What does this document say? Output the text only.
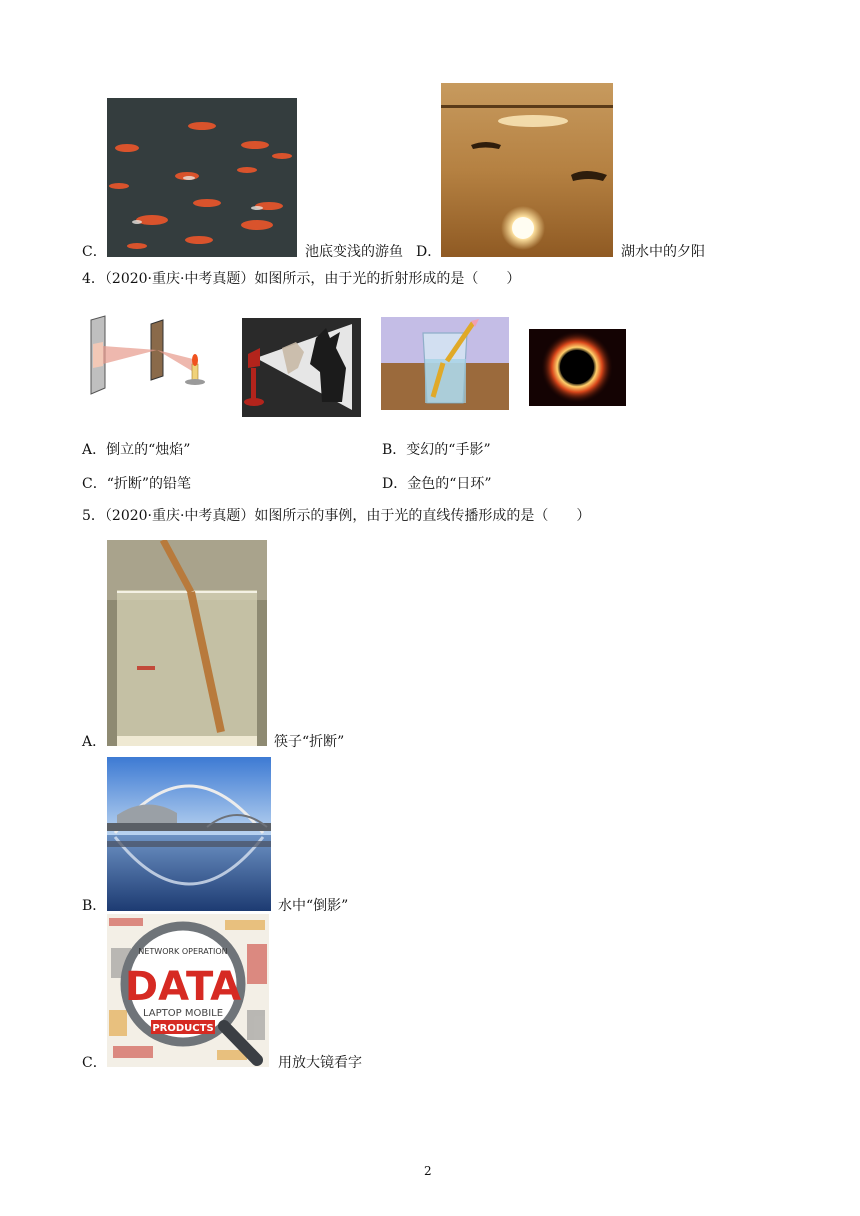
C．	池底变浅的游鱼 D．	湖水中的夕阳
4．（2020·重庆·中考真题）如图所示，由于光的折射形成的是（　　）
A．倒立的“烛焰”	B．变幻的“手影”
C．“折断”的铅笔	D．金色的“日环”
5．（2020·重庆·中考真题）如图所示的事例，由于光的直线传播形成的是（　　）
A．	筷子“折断”
B．	水中“倒影”
NETWORK OPERATION
DATA
LAPTOP MOBILE
PRODUCTS
C．	用放大镜看字
2
